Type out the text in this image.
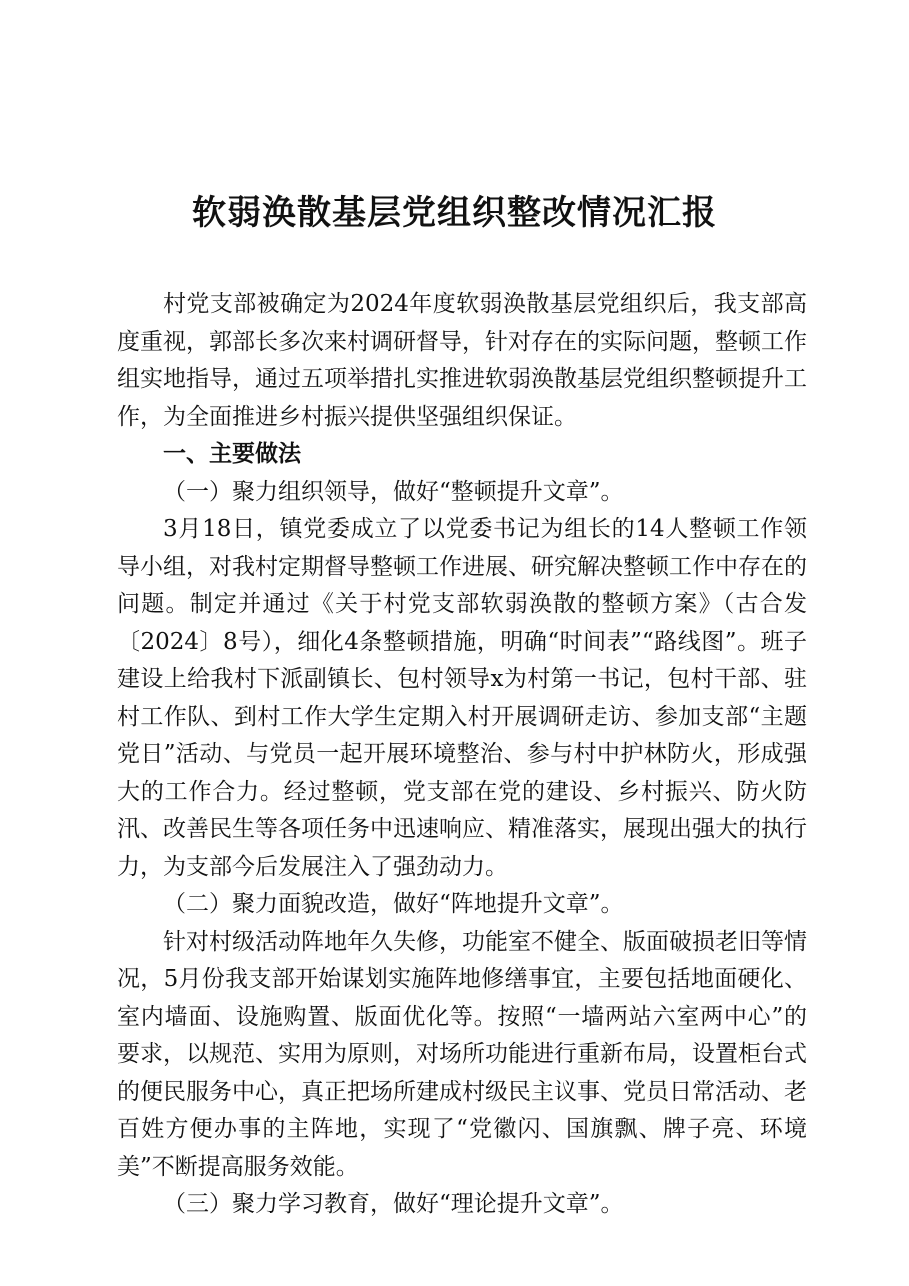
软弱涣散基层党组织整改情况汇报

村党支部被确定为2024年度软弱涣散基层党组织后，我支部高度重视，郭部长多次来村调研督导，针对存在的实际问题，整顿工作组实地指导，通过五项举措扎实推进软弱涣散基层党组织整顿提升工作，为全面推进乡村振兴提供坚强组织保证。

一、主要做法

（一）聚力组织领导，做好“整顿提升文章”。

3月18日，镇党委成立了以党委书记为组长的14人整顿工作领导小组，对我村定期督导整顿工作进展、研究解决整顿工作中存在的问题。制定并通过《关于村党支部软弱涣散的整顿方案》（古合发〔2024〕8号），细化4条整顿措施，明确“时间表”“路线图”。班子建设上给我村下派副镇长、包村领导x为村第一书记，包村干部、驻村工作队、到村工作大学生定期入村开展调研走访、参加支部“主题党日”活动、与党员一起开展环境整治、参与村中护林防火，形成强大的工作合力。经过整顿，党支部在党的建设、乡村振兴、防火防汛、改善民生等各项任务中迅速响应、精准落实，展现出强大的执行力，为支部今后发展注入了强劲动力。

（二）聚力面貌改造，做好“阵地提升文章”。

针对村级活动阵地年久失修，功能室不健全、版面破损老旧等情况，5月份我支部开始谋划实施阵地修缮事宜，主要包括地面硬化、室内墙面、设施购置、版面优化等。按照“一墙两站六室两中心”的要求，以规范、实用为原则，对场所功能进行重新布局，设置柜台式的便民服务中心，真正把场所建成村级民主议事、党员日常活动、老百姓方便办事的主阵地，实现了“党徽闪、国旗飘、牌子亮、环境美”不断提高服务效能。

（三）聚力学习教育，做好“理论提升文章”。
